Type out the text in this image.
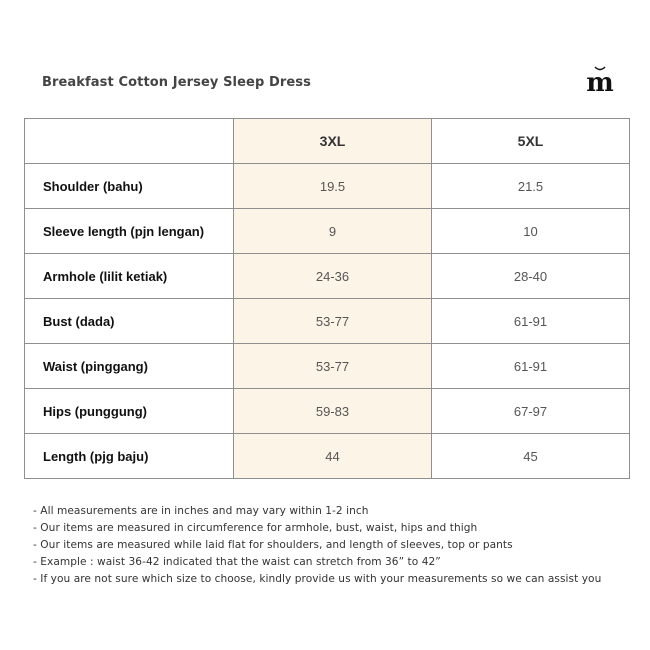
Breakfast Cotton Jersey Sleep Dress	m
	3XL	5XL
Shoulder (bahu)	19.5	21.5
Sleeve length (pjn lengan)	9	10
Armhole (lilit ketiak)	24-36	28-40
Bust (dada)	53-77	61-91
Waist (pinggang)	53-77	61-91
Hips (punggung)	59-83	67-97
Length (pjg baju)	44	45
- All measurements are in inches and may vary within 1-2 inch
- Our items are measured in circumference for armhole, bust, waist, hips and thigh
- Our items are measured while laid flat for shoulders, and length of sleeves, top or pants
- Example : waist 36-42 indicated that the waist can stretch from 36” to 42”
- If you are not sure which size to choose, kindly provide us with your measurements so we can assist you
